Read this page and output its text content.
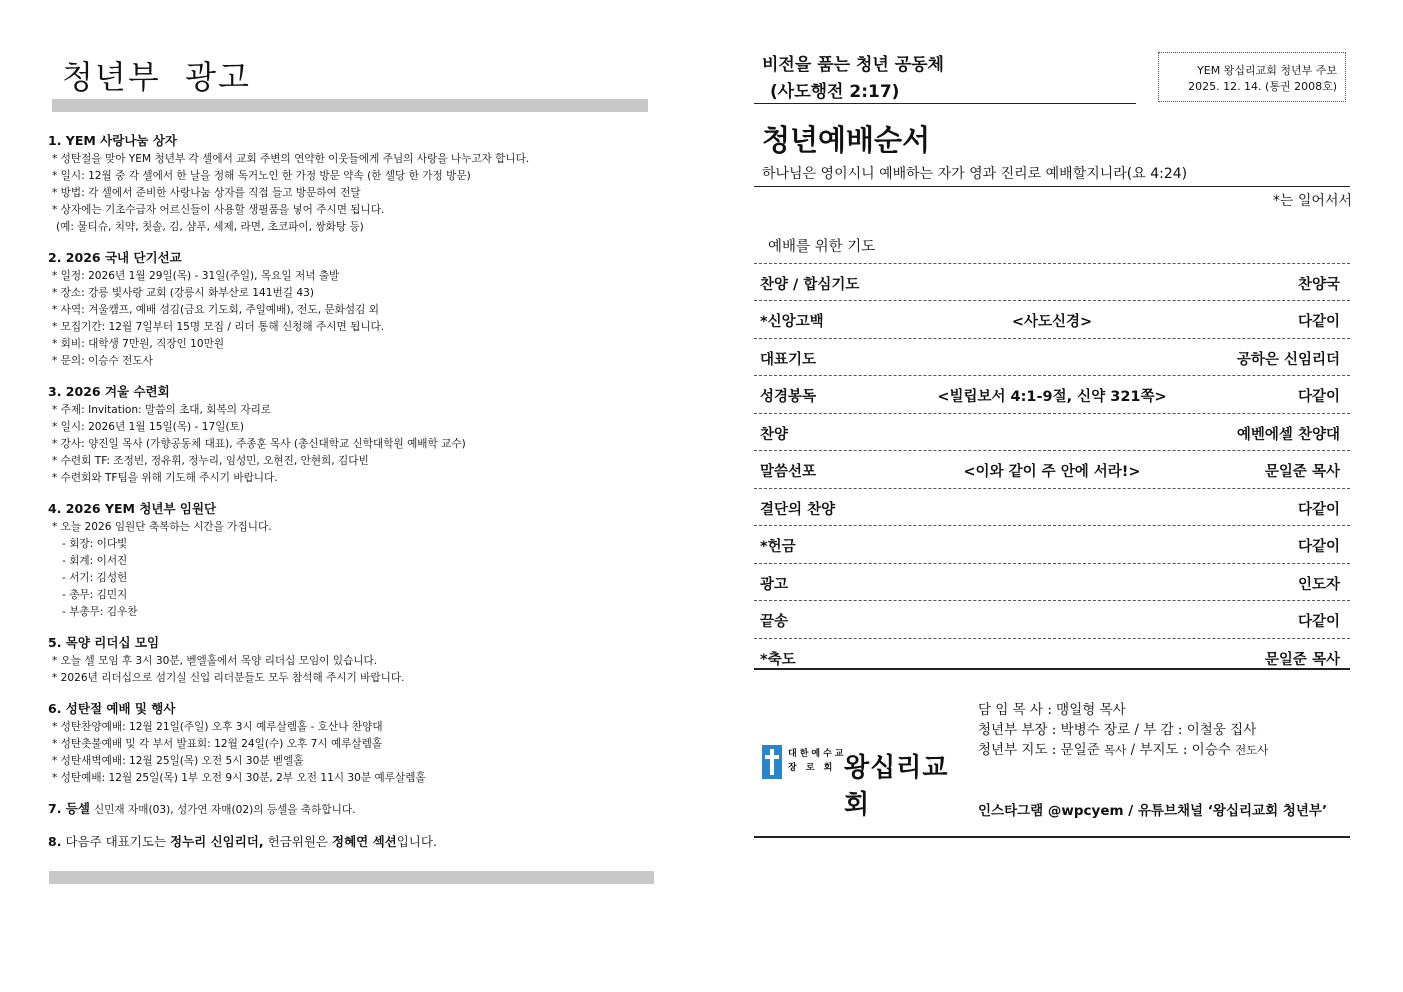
청년부  광고
1. YEM 사랑나눔 상자
* 성탄절을 맞아 YEM 청년부 각 셀에서 교회 주변의 연약한 이웃들에게 주님의 사랑을 나누고자 합니다.
* 일시: 12월 중 각 셀에서 한 날을 정해 독거노인 한 가정 방문 약속 (한 셀당 한 가정 방문)
* 방법: 각 셀에서 준비한 사랑나눔 상자를 직접 들고 방문하여 전달
* 상자에는 기초수급자 어르신들이 사용할 생필품을 넣어 주시면 됩니다.
(예: 물티슈, 치약, 칫솔, 김, 샴푸, 세제, 라면, 초코파이, 쌍화탕 등)
2. 2026 국내 단기선교
* 일정: 2026년 1월 29일(목) - 31일(주일), 목요일 저녁 출발
* 장소: 강릉 빛사랑 교회 (강릉시 화부산로 141번길 43)
* 사역: 겨울캠프, 예배 섬김(금요 기도회, 주일예배), 전도, 문화섬김 외
* 모집기간: 12월 7일부터 15명 모집 / 리더 통해 신청해 주시면 됩니다.
* 회비: 대학생 7만원, 직장인 10만원
* 문의: 이승수 전도사
3. 2026 겨울 수련회
* 주제: Invitation: 말씀의 초대, 회복의 자리로
* 일시: 2026년 1월 15일(목) - 17일(토)
* 강사: 양진일 목사 (가향공동체 대표), 주종훈 목사 (총신대학교 신학대학원 예배학 교수)
* 수련회 TF: 조정빈, 정유휘, 정누리, 임성민, 오현진, 안현희, 김다빈
* 수련회와 TF팀을 위해 기도해 주시기 바랍니다.
4. 2026 YEM 청년부 임원단
* 오늘 2026 임원단 축복하는 시간을 가집니다.
- 회장: 이다빛
- 회계: 이서진
- 서기: 김성헌
- 총무: 김민지
- 부총무: 김우찬
5. 목양 리더십 모임
* 오늘 셀 모임 후 3시 30분, 벧엘홀에서 목양 리더십 모임이 있습니다.
* 2026년 리더십으로 섬기실 신입 리더분들도 모두 참석해 주시기 바랍니다.
6. 성탄절 예배 및 행사
* 성탄찬양예배: 12월 21일(주일) 오후 3시 예루살렘홀 - 호산나 찬양대
* 성탄촛불예배 및 각 부서 발표회: 12월 24일(수) 오후 7시 예루살렘홀
* 성탄새벽예배: 12월 25일(목) 오전 5시 30분 벧엘홀
* 성탄예배: 12월 25일(목) 1부 오전 9시 30분, 2부 오전 11시 30분 예루살렘홀
7. 등셀 신민재 자매(03), 성가연 자매(02)의 등셀을 축하합니다.
8. 다음주 대표기도는 정누리 신임리더, 헌금위원은 정혜연 섹션입니다.
비전을 품는 청년 공동체
(사도행전 2:17)
YEM 왕십리교회 청년부 주보
2025. 12. 14. (통권 2008호)
청년예배순서
하나님은 영이시니 예배하는 자가 영과 진리로 예배할지니라(요 4:24)
*는 일어서서
예배를 위한 기도
찬양 / 합심기도	찬양국
*신앙고백	<사도신경>	다같이
대표기도	공하은 신임리더
성경봉독	<빌립보서 4:1-9절, 신약 321쪽>	다같이
찬양	예벤에셀 찬양대
말씀선포	<이와 같이 주 안에 서라!>	문일준 목사
결단의 찬양	다같이
*헌금	다같이
광고	인도자
끝송	다같이
*축도	문일준 목사
대한예수교
장 로 회 왕십리교회
담 임 목 사 : 맹일형 목사
청년부 부장 : 박병수 장로 / 부 감 : 이철웅 집사
청년부 지도 : 문일준 목사 / 부지도 : 이승수 전도사
인스타그램 @wpcyem / 유튜브채널 ‘왕십리교회 청년부’
